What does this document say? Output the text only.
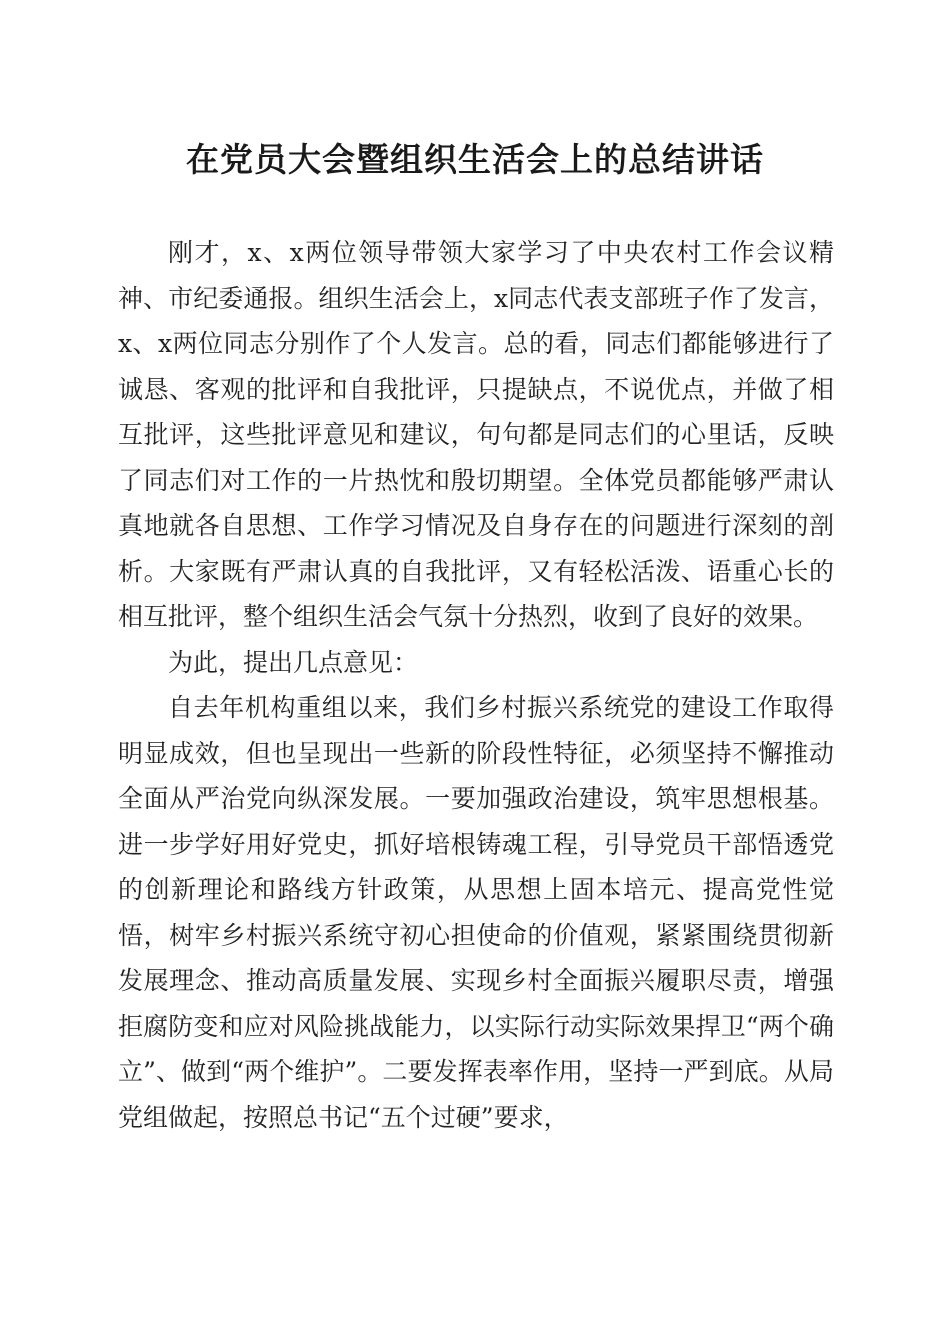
在党员大会暨组织生活会上的总结讲话

刚才，x、x两位领导带领大家学习了中央农村工作会议精神、市纪委通报。组织生活会上，x同志代表支部班子作了发言，x、x两位同志分别作了个人发言。总的看，同志们都能够进行了诚恳、客观的批评和自我批评，只提缺点，不说优点，并做了相互批评，这些批评意见和建议，句句都是同志们的心里话，反映了同志们对工作的一片热忱和殷切期望。全体党员都能够严肃认真地就各自思想、工作学习情况及自身存在的问题进行深刻的剖析。大家既有严肃认真的自我批评，又有轻松活泼、语重心长的相互批评，整个组织生活会气氛十分热烈，收到了良好的效果。

为此，提出几点意见：

自去年机构重组以来，我们乡村振兴系统党的建设工作取得明显成效，但也呈现出一些新的阶段性特征，必须坚持不懈推动全面从严治党向纵深发展。一要加强政治建设，筑牢思想根基。进一步学好用好党史，抓好培根铸魂工程，引导党员干部悟透党的创新理论和路线方针政策，从思想上固本培元、提高党性觉悟，树牢乡村振兴系统守初心担使命的价值观，紧紧围绕贯彻新发展理念、推动高质量发展、实现乡村全面振兴履职尽责，增强拒腐防变和应对风险挑战能力，以实际行动实际效果捍卫“两个确立”、做到“两个维护”。二要发挥表率作用，坚持一严到底。从局党组做起，按照总书记“五个过硬”要求，
